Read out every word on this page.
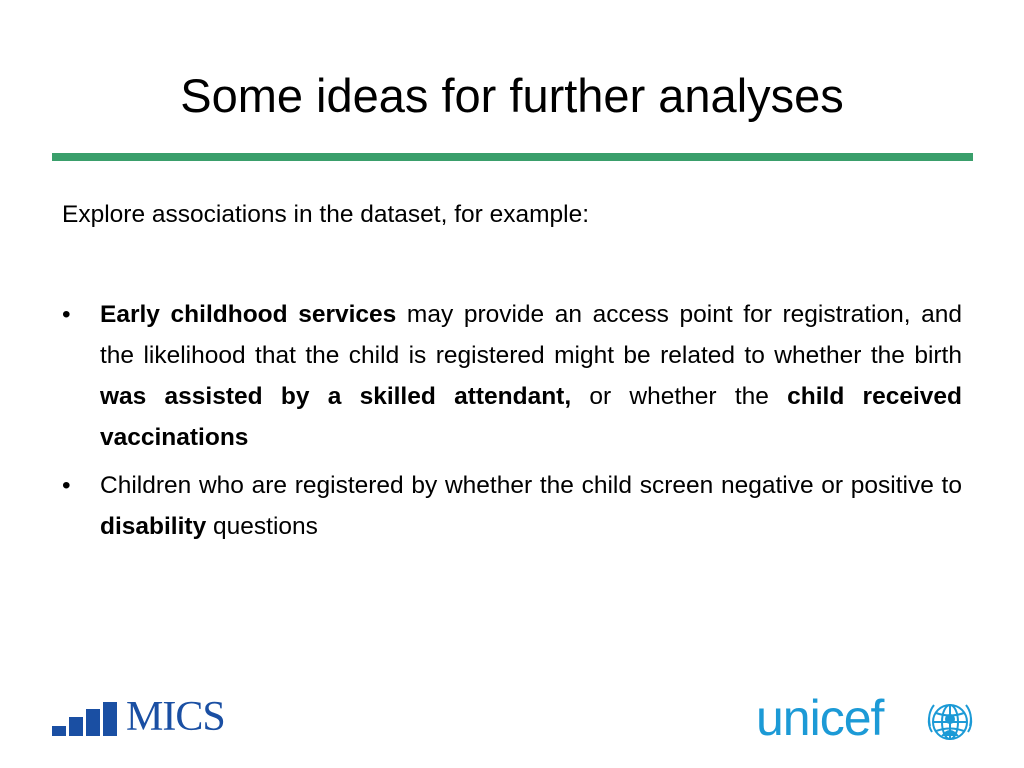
Some ideas for further analyses

Explore associations in the dataset, for example:

•	Early childhood services may provide an access point for registration, and the likelihood that the child is registered might be related to whether the birth was assisted by a skilled attendant, or whether the child received vaccinations
•	Children who are registered by whether the child screen negative or positive to disability questions
MICS	unicef
